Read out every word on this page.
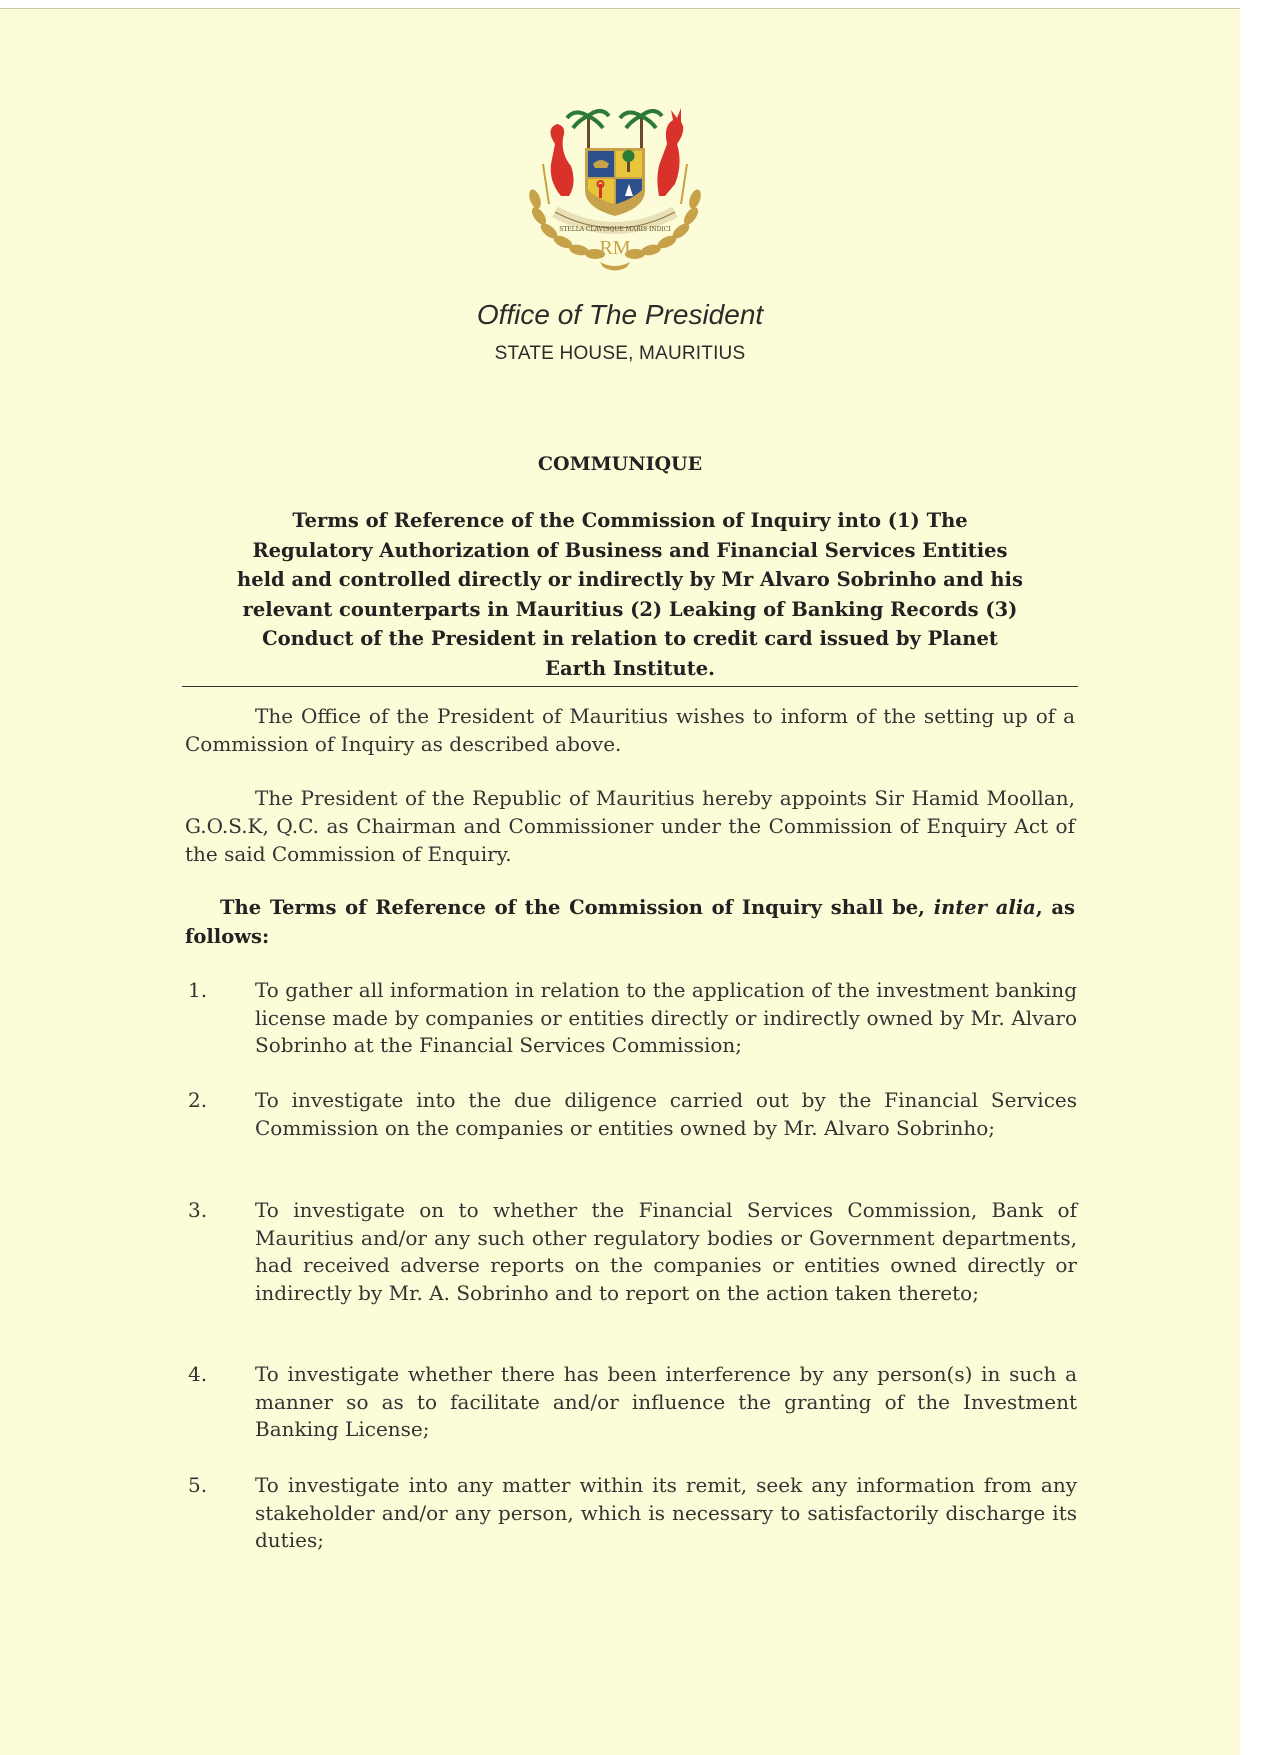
STELLA CLAVISQUE MARIS INDICI
RM
Office of The President
STATE HOUSE, MAURITIUS
COMMUNIQUE
Terms of Reference of the Commission of Inquiry into (1) The
Regulatory Authorization of Business and Financial Services Entities
held and controlled directly or indirectly by Mr Alvaro Sobrinho and his
relevant counterparts in Mauritius (2) Leaking of Banking Records (3)
Conduct of the President in relation to credit card issued by Planet
Earth Institute.

The Office of the President of Mauritius wishes to inform of the setting up of a Commission of Inquiry as described above.

The President of the Republic of Mauritius hereby appoints Sir Hamid Moollan, G.O.S.K, Q.C. as Chairman and Commissioner under the Commission of Enquiry Act of the said Commission of Enquiry.

The Terms of Reference of the Commission of Inquiry shall be, inter alia, as follows:

1.	To gather all information in relation to the application of the investment banking license made by companies or entities directly or indirectly owned by Mr. Alvaro Sobrinho at the Financial Services Commission;

2.	To investigate into the due diligence carried out by the Financial Services Commission on the companies or entities owned by Mr. Alvaro Sobrinho;

3.	To investigate on to whether the Financial Services Commission, Bank of Mauritius and/or any such other regulatory bodies or Government departments, had received adverse reports on the companies or entities owned directly or indirectly by Mr. A. Sobrinho and to report on the action taken thereto;

4.	To investigate whether there has been interference by any person(s) in such a manner so as to facilitate and/or influence the granting of the Investment Banking License;

5.	To investigate into any matter within its remit, seek any information from any stakeholder and/or any person, which is necessary to satisfactorily discharge its duties;
